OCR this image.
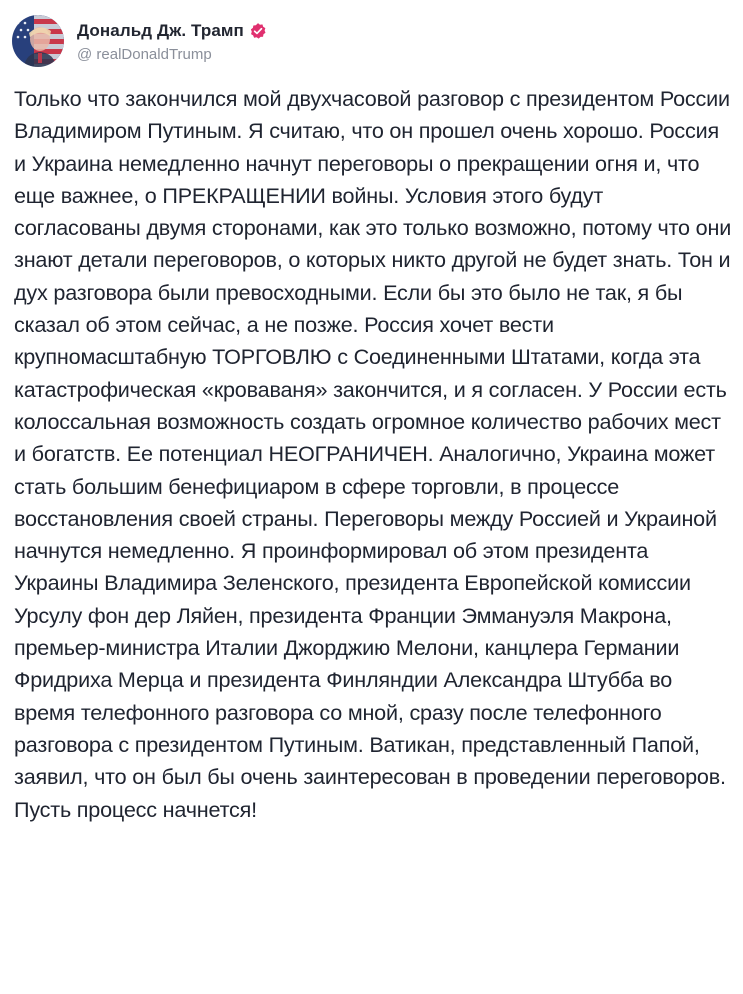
Дональд Дж. Трамп
@ realDonaldTrump
Только что закончился мой двухчасовой разговор с президентом России Владимиром Путиным. Я считаю, что он прошел очень хорошо. Россия и Украина немедленно начнут переговоры о прекращении огня и, что еще важнее, о ПРЕКРАЩЕНИИ войны. Условия этого будут согласованы двумя сторонами, как это только возможно, потому что они знают детали переговоров, о которых никто другой не будет знать. Тон и дух разговора были превосходными. Если бы это было не так, я бы сказал об этом сейчас, а не позже. Россия хочет вести крупномасштабную ТОРГОВЛЮ с Соединенными Штатами, когда эта катастрофическая «кроваваня» закончится, и я согласен. У России есть колоссальная возможность создать огромное количество рабочих мест и богатств. Ее потенциал НЕОГРАНИЧЕН. Аналогично, Украина может стать большим бенефициаром в сфере торговли, в процессе восстановления своей страны. Переговоры между Россией и Украиной начнутся немедленно. Я проинформировал об этом президента Украины Владимира Зеленского, президента Европейской комиссии Урсулу фон дер Ляйен, президента Франции Эммануэля Макрона, премьер-министра Италии Джорджию Мелони, канцлера Германии Фридриха Мерца и президента Финляндии Александра Штубба во время телефонного разговора со мной, сразу после телефонного разговора с президентом Путиным. Ватикан, представленный Папой, заявил, что он был бы очень заинтересован в проведении переговоров. Пусть процесс начнется!
